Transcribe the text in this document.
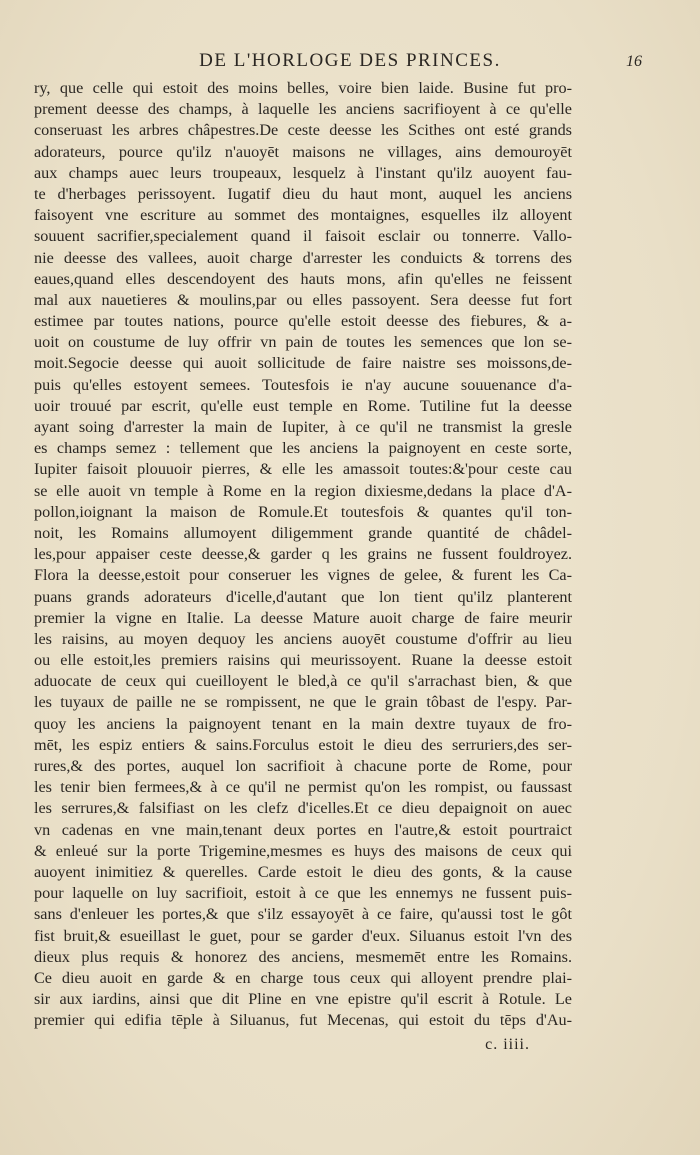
DE L'HORLOGE DES PRINCES.	16
ry, que celle qui estoit des moins belles, voire bien laide. Busine fut pro-
prement deesse des champs, à laquelle les anciens sacrifioyent à ce qu'elle
conseruast les arbres châpestres.De ceste deesse les Scithes ont esté grands
adorateurs, pource qu'ilz n'auoyēt maisons ne villages, ains demouroyēt
aux champs auec leurs troupeaux, lesquelz à l'instant qu'ilz auoyent fau-
te d'herbages perissoyent. Iugatif dieu du haut mont, auquel les anciens
faisoyent vne escriture au sommet des montaignes, esquelles ilz alloyent
souuent sacrifier,specialement quand il faisoit esclair ou tonnerre. Vallo-
nie deesse des vallees, auoit charge d'arrester les conduicts & torrens des
eaues,quand elles descendoyent des hauts mons, afin qu'elles ne feissent
mal aux nauetieres & moulins,par ou elles passoyent. Sera deesse fut fort
estimee par toutes nations, pource qu'elle estoit deesse des fiebures, & a-
uoit on coustume de luy offrir vn pain de toutes les semences que lon se-
moit.Segocie deesse qui auoit sollicitude de faire naistre ses moissons,de-
puis qu'elles estoyent semees. Toutesfois ie n'ay aucune souuenance d'a-
uoir trouué par escrit, qu'elle eust temple en Rome. Tutiline fut la deesse
ayant soing d'arrester la main de Iupiter, à ce qu'il ne transmist la gresle
es champs semez : tellement que les anciens la paignoyent en ceste sorte,
Iupiter faisoit plouuoir pierres, & elle les amassoit toutes:&'pour ceste cau
se elle auoit vn temple à Rome en la region dixiesme,dedans la place d'A-
pollon,ioignant la maison de Romule.Et toutesfois & quantes qu'il ton-
noit, les Romains allumoyent diligemment grande quantité de châdel-
les,pour appaiser ceste deesse,& garder q les grains ne fussent fouldroyez.
Flora la deesse,estoit pour conseruer les vignes de gelee, & furent les Ca-
puans grands adorateurs d'icelle,d'autant que lon tient qu'ilz planterent
premier la vigne en Italie. La deesse Mature auoit charge de faire meurir
les raisins, au moyen dequoy les anciens auoyēt coustume d'offrir au lieu
ou elle estoit,les premiers raisins qui meurissoyent. Ruane la deesse estoit
aduocate de ceux qui cueilloyent le bled,à ce qu'il s'arrachast bien, & que
les tuyaux de paille ne se rompissent, ne que le grain tôbast de l'espy. Par-
quoy les anciens la paignoyent tenant en la main dextre tuyaux de fro-
mēt, les espiz entiers & sains.Forculus estoit le dieu des serruriers,des ser-
rures,& des portes, auquel lon sacrifioit à chacune porte de Rome, pour
les tenir bien fermees,& à ce qu'il ne permist qu'on les rompist, ou faussast
les serrures,& falsifiast on les clefz d'icelles.Et ce dieu depaignoit on auec
vn cadenas en vne main,tenant deux portes en l'autre,& estoit pourtraict
& enleué sur la porte Trigemine,mesmes es huys des maisons de ceux qui
auoyent inimitiez & querelles. Carde estoit le dieu des gonts, & la cause
pour laquelle on luy sacrifioit, estoit à ce que les ennemys ne fussent puis-
sans d'enleuer les portes,& que s'ilz essayoyēt à ce faire, qu'aussi tost le gôt
fist bruit,& esueillast le guet, pour se garder d'eux. Siluanus estoit l'vn des
dieux plus requis & honorez des anciens, mesmemēt entre les Romains.
Ce dieu auoit en garde & en charge tous ceux qui alloyent prendre plai-
sir aux iardins, ainsi que dit Pline en vne epistre qu'il escrit à Rotule. Le
premier qui edifia tēple à Siluanus, fut Mecenas, qui estoit du tēps d'Au-
c. iiii.
